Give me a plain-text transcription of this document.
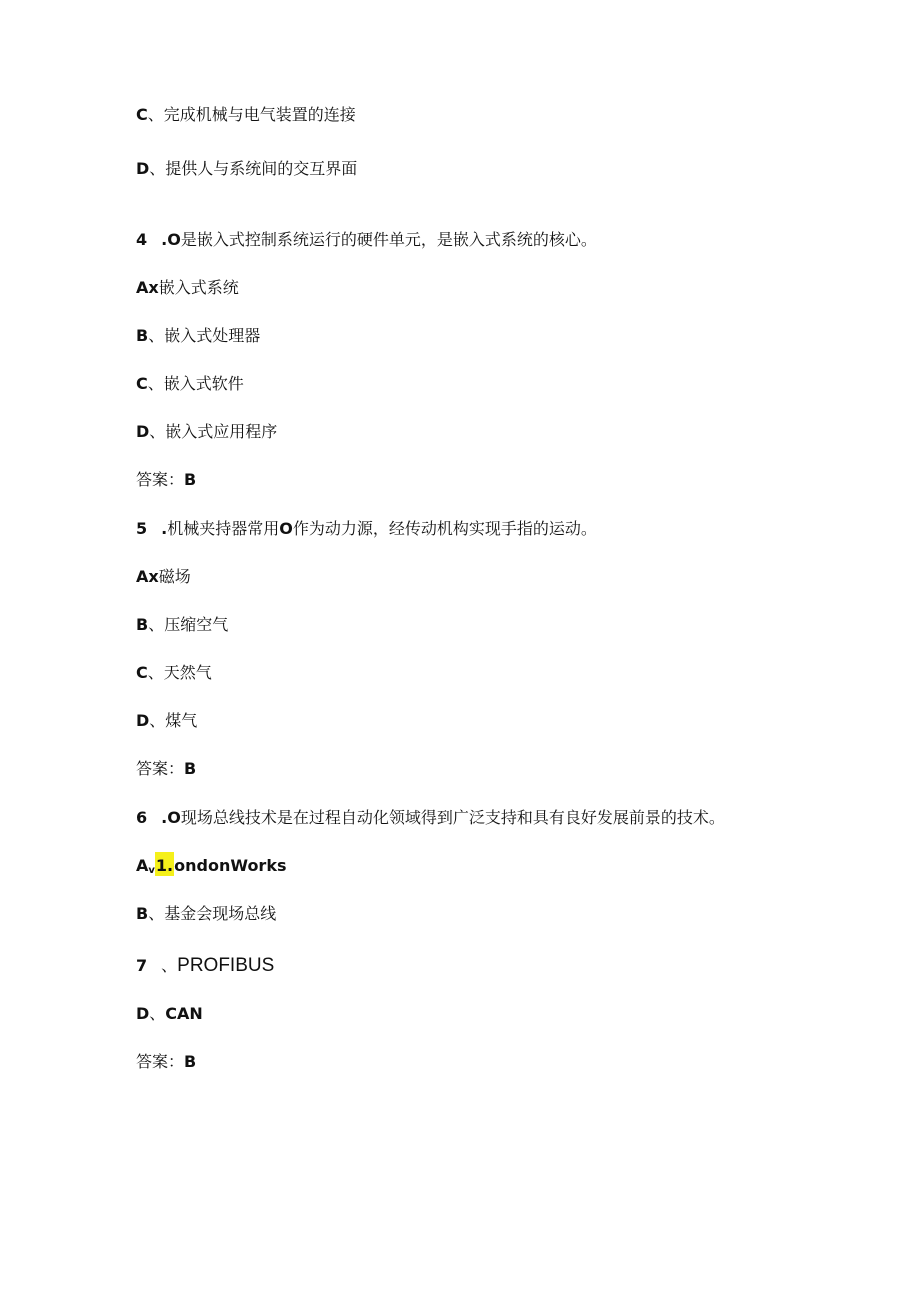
C、完成机械与电气装置的连接
D、提供人与系统间的交互界面
4 .O是嵌入式控制系统运行的硬件单元，是嵌入式系统的核心。
Ax嵌入式系统
B、嵌入式处理器
C、嵌入式软件
D、嵌入式应用程序
答案：B
5 .机械夹持器常用O作为动力源，经传动机构实现手指的运动。
Ax磁场
B、压缩空气
C、天然气
D、煤气
答案：B
6 .O现场总线技术是在过程自动化领域得到广泛支持和具有良好发展前景的技术。
$A_v1.ondonWorks$
B、基金会现场总线
7 、PROFIBUS
D、CAN
答案：B
